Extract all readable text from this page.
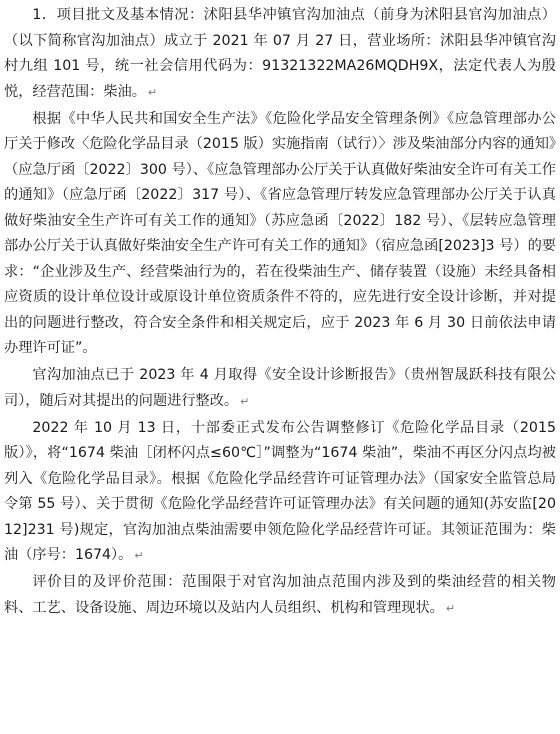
1．项目批文及基本情况：沭阳县华冲镇官沟加油点（前身为沭阳县官沟加油点）（以下简称官沟加油点）成立于 2021 年 07 月 27 日，营业场所：沭阳县华冲镇官沟村九组 101 号，统一社会信用代码为：91321322MA26MQDH9X，法定代表人为殷悦，经营范围：柴油。 ↵

根据《中华人民共和国安全生产法》《危险化学品安全管理条例》《应急管理部办公厅关于修改〈危险化学品目录（2015 版）实施指南（试行）〉涉及柴油部分内容的通知》（应急厅函〔2022〕300 号）、《应急管理部办公厅关于认真做好柴油安全许可有关工作的通知》（应急厅函〔2022〕317 号）、《省应急管理厅转发应急管理部办公厅关于认真做好柴油安全生产许可有关工作的通知》（苏应急函〔2022〕182 号）、《层转应急管理部办公厅关于认真做好柴油安全生产许可有关工作的通知》（宿应急函[2023]3 号）的要求：“企业涉及生产、经营柴油行为的，若在役柴油生产、储存装置（设施）未经具备相应资质的设计单位设计或原设计单位资质条件不符的，应先进行安全设计诊断，并对提出的问题进行整改，符合安全条件和相关规定后，应于 2023 年 6 月 30 日前依法申请办理许可证”。

官沟加油点已于 2023 年 4 月取得《安全设计诊断报告》（贵州智晟跃科技有限公司），随后对其提出的问题进行整改。 ↵

2022 年 10 月 13 日，十部委正式发布公告调整修订《危险化学品目录（2015 版）》，将“1674 柴油［闭杯闪点≤60℃］”调整为“1674 柴油”，柴油不再区分闪点均被列入《危险化学品目录》。根据《危险化学品经营许可证管理办法》（国家安全监管总局令第 55 号）、关于贯彻《危险化学品经营许可证管理办法》有关问题的通知(苏安监[2012]231 号)规定，官沟加油点柴油需要申领危险化学品经营许可证。其领证范围为：柴油（序号：1674）。 ↵

评价目的及评价范围：范围限于对官沟加油点范围内涉及到的柴油经营的相关物料、工艺、设备设施、周边环境以及站内人员组织、机构和管理现状。 ↵
